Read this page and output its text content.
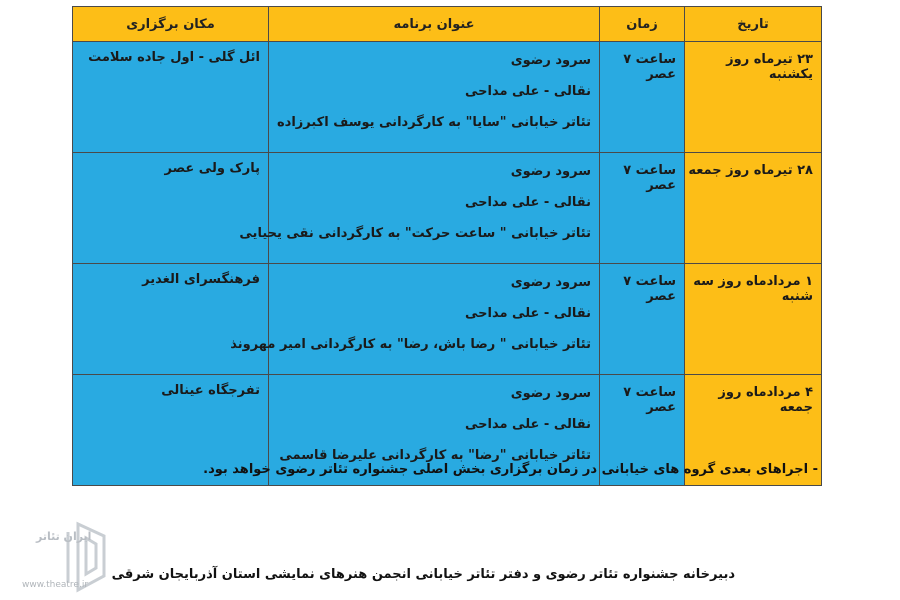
تاریخ	زمان	عنوان برنامه	مکان برگزاری
۲۳ تیرماه روز یکشنبه	ساعت ۷ عصر	سرود رضوی
نقالی - علی مداحی
تئاتر خیابانی "سایا" به کارگردانی یوسف اکبرزاده	ائل گلی - اول جاده سلامت
۲۸ تیرماه روز جمعه	ساعت ۷ عصر	سرود رضوی
نقالی - علی مداحی
تئاتر خیابانی " ساعت حرکت" به کارگردانی نقی یحیایی	پارک ولی عصر
۱ مردادماه روز سه شنبه	ساعت ۷ عصر	سرود رضوی
نقالی - علی مداحی
تئاتر خیابانی " رضا باش، رضا" به کارگردانی امیر مهرونذ	فرهنگسرای الغدیر
۴ مردادماه روز جمعه	ساعت ۷ عصر	سرود رضوی
نقالی - علی مداحی
تئاتر خیابانی "رضا" به کارگردانی علیرضا قاسمی	تفرجگاه عینالی
- اجراهای بعدی گروه های خیابانی در زمان برگزاری بخش اصلی جشنواره تئاتر رضوی خواهد بود.
دبیرخانه جشنواره تئاتر رضوی و دفتر تئاتر خیابانی انجمن هنرهای نمایشی استان آذربایجان شرقی
ایران تئاتر
www.theatre.ir
